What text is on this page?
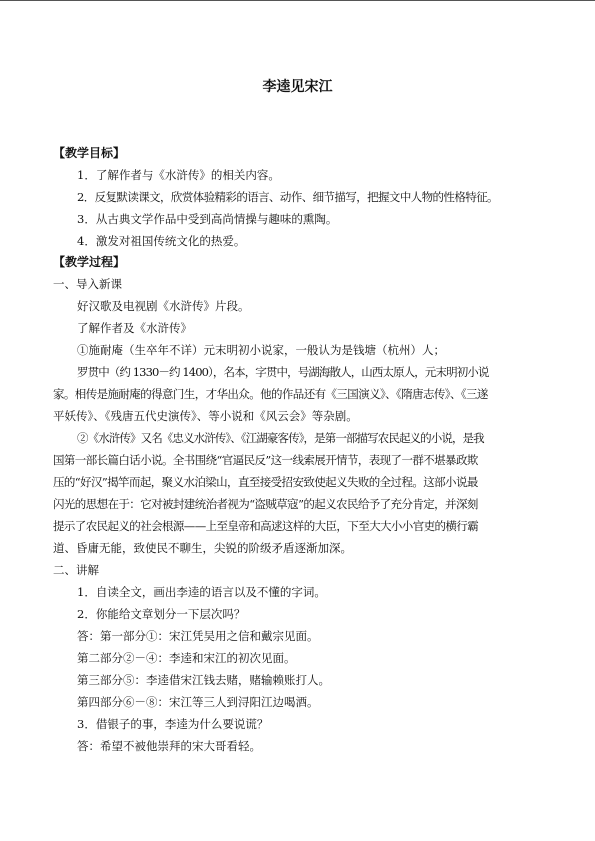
李逵见宋江
【教学目标】
1．了解作者与《水浒传》的相关内容。
2．反复默读课文，欣赏体验精彩的语言、动作、细节描写，把握文中人物的性格特征。
3．从古典文学作品中受到高尚情操与趣味的熏陶。
4．激发对祖国传统文化的热爱。
【教学过程】
一、导入新课
好汉歌及电视剧《水浒传》片段。
了解作者及《水浒传》
①施耐庵（生卒年不详）元末明初小说家，一般认为是钱塘（杭州）人；
罗贯中（约 1330－约 1400），名本，字贯中，号湖海散人，山西太原人，元末明初小说
家。相传是施耐庵的得意门生，才华出众。他的作品还有《三国演义》、《隋唐志传》、《三遂
平妖传》、《残唐五代史演传》、等小说和《风云会》等杂剧。
②《水浒传》又名《忠义水浒传》、《江湖豪客传》，是第一部描写农民起义的小说，是我
国第一部长篇白话小说。全书围绕“官逼民反”这一线索展开情节，表现了一群不堪暴政欺
压的“好汉”揭竿而起，聚义水泊梁山，直至接受招安致使起义失败的全过程。这部小说最
闪光的思想在于：它对被封建统治者视为“盗贼草寇”的起义农民给予了充分肯定，并深刻
提示了农民起义的社会根源——上至皇帝和高逑这样的大臣，下至大大小小官吏的横行霸
道、昏庸无能，致使民不聊生，尖锐的阶级矛盾逐渐加深。
二、讲解
1．自读全文，画出李逵的语言以及不懂的字词。
2．你能给文章划分一下层次吗？
答：第一部分①：宋江凭吴用之信和戴宗见面。
第二部分②－④：李逵和宋江的初次见面。
第三部分⑤：李逵借宋江钱去赌，赌输赖账打人。
第四部分⑥－⑧：宋江等三人到浔阳江边喝酒。
3．借银子的事，李逵为什么要说谎？
答：希望不被他崇拜的宋大哥看轻。
